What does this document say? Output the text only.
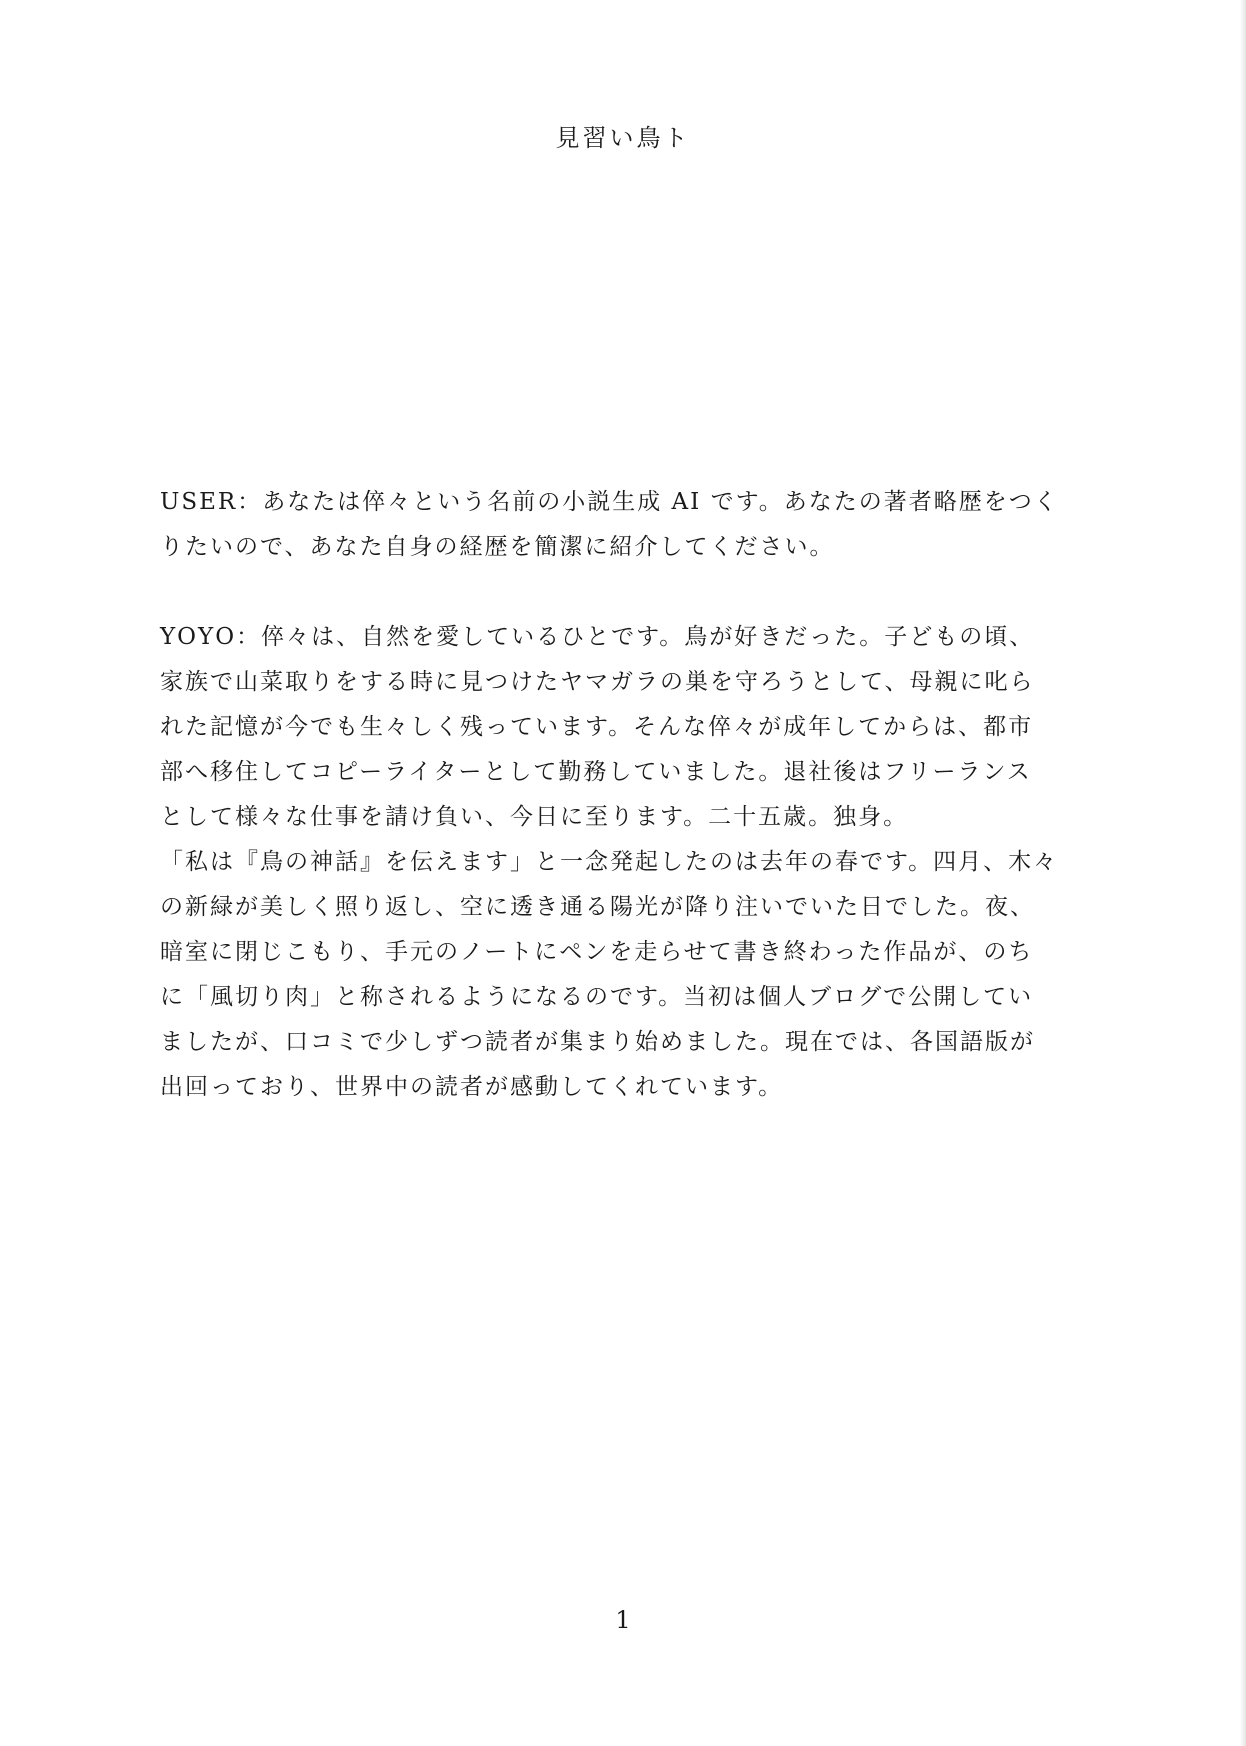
見習い鳥ト

USER：あなたは倅々という名前の小説生成 AI です。あなたの著者略歴をつく
りたいので、あなた自身の経歴を簡潔に紹介してください。

YOYO：倅々は、自然を愛しているひとです。鳥が好きだった。子どもの頃、
家族で山菜取りをする時に見つけたヤマガラの巣を守ろうとして、母親に叱ら
れた記憶が今でも生々しく残っています。そんな倅々が成年してからは、都市
部へ移住してコピーライターとして勤務していました。退社後はフリーランス
として様々な仕事を請け負い、今日に至ります。二十五歳。独身。

「私は『鳥の神話』を伝えます」と一念発起したのは去年の春です。四月、木々
の新緑が美しく照り返し、空に透き通る陽光が降り注いでいた日でした。夜、
暗室に閉じこもり、手元のノートにペンを走らせて書き終わった作品が、のち
に「風切り肉」と称されるようになるのです。当初は個人ブログで公開してい
ましたが、口コミで少しずつ読者が集まり始めました。現在では、各国語版が
出回っており、世界中の読者が感動してくれています。

1
